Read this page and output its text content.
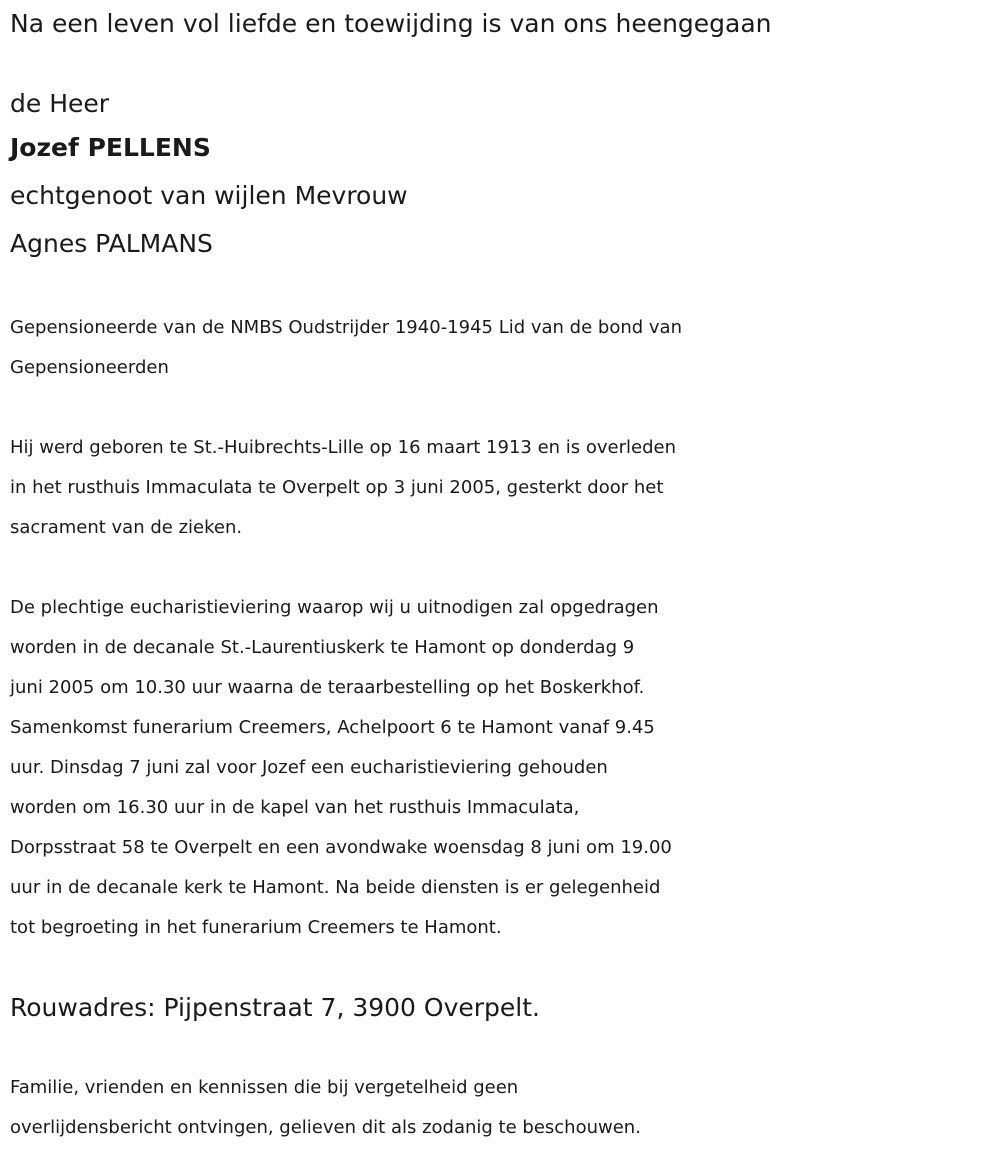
Na een leven vol liefde en toewijding is van ons heengegaan

de Heer

Jozef PELLENS

echtgenoot van wijlen Mevrouw

Agnes PALMANS

Gepensioneerde van de NMBS Oudstrijder 1940-1945 Lid van de bond van

Gepensioneerden

Hij werd geboren te St.-Huibrechts-Lille op 16 maart 1913 en is overleden

in het rusthuis Immaculata te Overpelt op 3 juni 2005, gesterkt door het

sacrament van de zieken.

De plechtige eucharistieviering waarop wij u uitnodigen zal opgedragen

worden in de decanale St.-Laurentiuskerk te Hamont op donderdag 9

juni 2005 om 10.30 uur waarna de teraarbestelling op het Boskerkhof.

Samenkomst funerarium Creemers, Achelpoort 6 te Hamont vanaf 9.45

uur. Dinsdag 7 juni zal voor Jozef een eucharistieviering gehouden

worden om 16.30 uur in de kapel van het rusthuis Immaculata,

Dorpsstraat 58 te Overpelt en een avondwake woensdag 8 juni om 19.00

uur in de decanale kerk te Hamont. Na beide diensten is er gelegenheid

tot begroeting in het funerarium Creemers te Hamont.

Rouwadres: Pijpenstraat 7, 3900 Overpelt.

Familie, vrienden en kennissen die bij vergetelheid geen

overlijdensbericht ontvingen, gelieven dit als zodanig te beschouwen.
